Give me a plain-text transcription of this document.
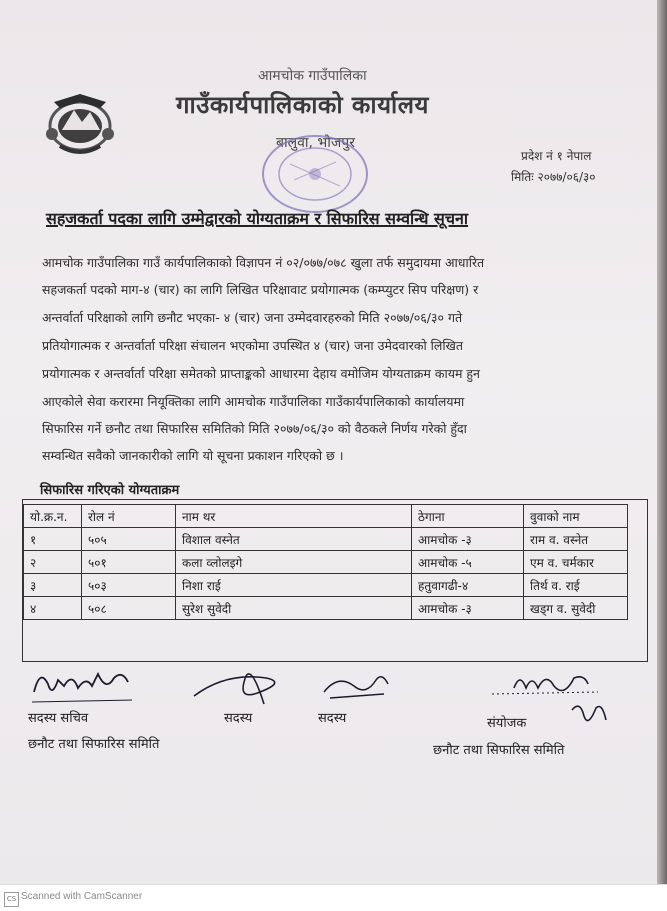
आमचोक गाउँपालिका
गाउँकार्यपालिकाको कार्यालय
बालुवा, भोजपुर
प्रदेश नं १ नेपाल
मितिः २०७७/०६/३०
सहजकर्ता पदका लागि उम्मेद्वारको योग्यताक्रम र सिफारिस सम्वन्धि सूचना
आमचोक गाउँपालिका गाउँ कार्यपालिकाको विज्ञापन नं ०२/०७७/०७८ खुला तर्फ समुदायमा आधारित
सहजकर्ता पदको माग-४ (चार) का लागि लिखित परिक्षावाट प्रयोगात्मक (कम्प्युटर सिप परिक्षण) र
अन्तर्वार्ता परिक्षाको लागि छनौट भएका- ४ (चार) जना उम्मेदवारहरुको मिति २०७७/०६/३० गते
प्रतियोगात्मक र अन्तर्वार्ता परिक्षा संचालन भएकोमा उपस्थित ४ (चार) जना उमेदवारको लिखित
प्रयोगात्मक र अन्तर्वार्ता परिक्षा समेतको प्राप्ताङ्कको आधारमा देहाय वमोजिम योग्यताक्रम कायम हुन
आएकोले सेवा करारमा नियूक्तिका लागि आमचोक गाउँपालिका गाउँकार्यपालिकाको कार्यालयमा
सिफारिस गर्ने छनौट तथा सिफारिस समितिको मिति २०७७/०६/३० को वैठकले निर्णय गरेको हुँदा
सम्वन्धित सवैको जानकारीको लागि यो सूचना प्रकाशन गरिएको छ ।
सिफारिस गरिएको योग्यताक्रम
यो.क्र.न.	रोल नं	नाम थर	ठेगाना	वुवाको नाम
१	५०५	विशाल वस्नेत	आमचोक -३	राम व. वस्नेत
२	५०१	कला व्लोलइगे	आमचोक -५	एम व. चर्मकार
३	५०३	निशा राई	हतुवागढी-४	तिर्थ व. राई
४	५०८	सुरेश सुवेदी	आमचोक -३	खड्ग व. सुवेदी
सदस्य सचिव	सदस्य	सदस्य	संयोजक
छनौट तथा सिफारिस समिति	छनौट तथा सिफारिस समिति
CS Scanned with CamScanner
